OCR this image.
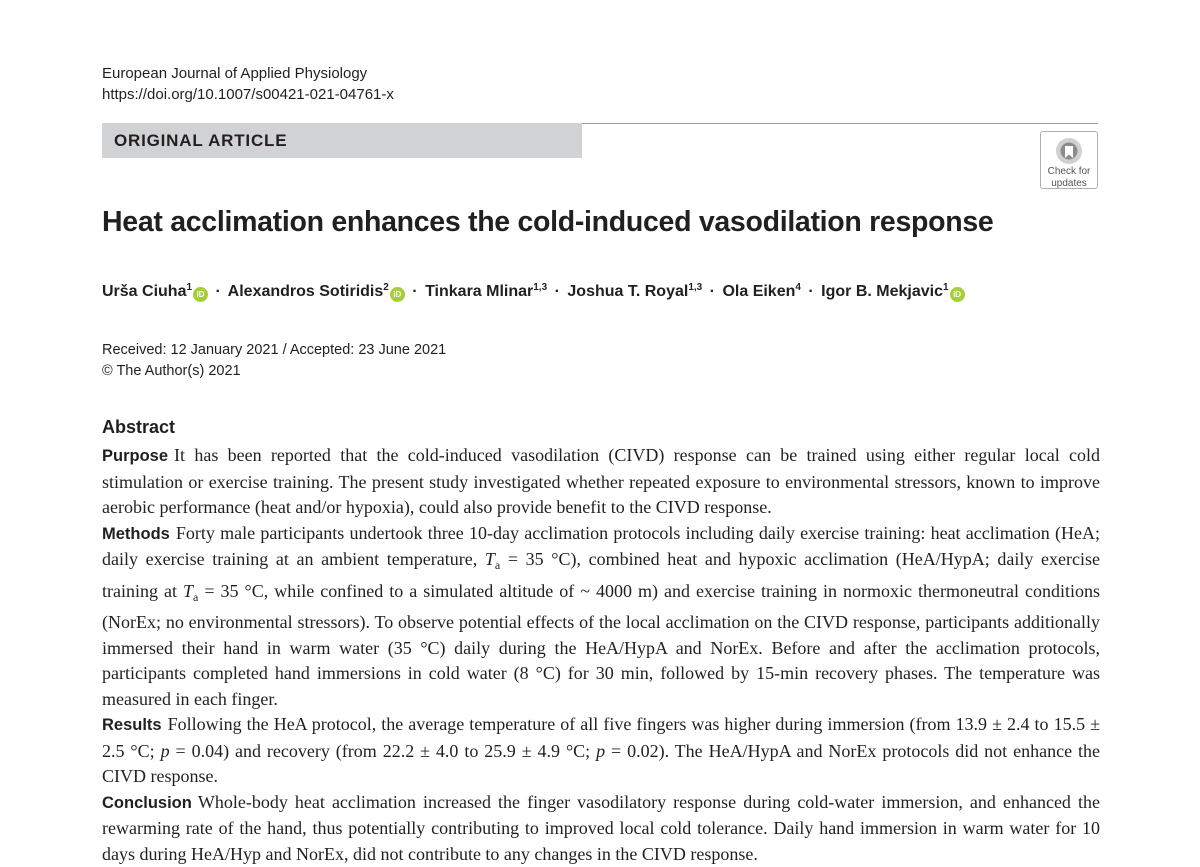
European Journal of Applied Physiology
https://doi.org/10.1007/s00421-021-04761-x
ORIGINAL ARTICLE
Check for
updates
Heat acclimation enhances the cold-induced vasodilation response
Urša Ciuha$^1$iD · Alexandros Sotiridis$^2$iD · Tinkara Mlinar$^{1,3}$ · Joshua T. Royal$^{1,3}$ · Ola Eiken$^4$ · Igor B. Mekjavic$^1$iD
Received: 12 January 2021 / Accepted: 23 June 2021
© The Author(s) 2021
Abstract

Purpose It has been reported that the cold-induced vasodilation (CIVD) response can be trained using either regular local cold stimulation or exercise training. The present study investigated whether repeated exposure to environmental stressors, known to improve aerobic performance (heat and/or hypoxia), could also provide benefit to the CIVD response.

Methods Forty male participants undertook three 10-day acclimation protocols including daily exercise training: heat acclimation (HeA; daily exercise training at an ambient temperature, $T_a = 35$ °C), combined heat and hypoxic acclimation (HeA/HypA; daily exercise training at $T_a = 35$ °C, while confined to a simulated altitude of ~ 4000 m) and exercise training in normoxic thermoneutral conditions (NorEx; no environmental stressors). To observe potential effects of the local acclimation on the CIVD response, participants additionally immersed their hand in warm water (35 °C) daily during the HeA/HypA and NorEx. Before and after the acclimation protocols, participants completed hand immersions in cold water (8 °C) for 30 min, followed by 15-min recovery phases. The temperature was measured in each finger.

Results Following the HeA protocol, the average temperature of all five fingers was higher during immersion (from 13.9 ± 2.4 to 15.5 ± 2.5 °C; p = 0.04) and recovery (from 22.2 ± 4.0 to 25.9 ± 4.9 °C; p = 0.02). The HeA/HypA and NorEx protocols did not enhance the CIVD response.

Conclusion Whole-body heat acclimation increased the finger vasodilatory response during cold-water immersion, and enhanced the rewarming rate of the hand, thus potentially contributing to improved local cold tolerance. Daily hand immersion in warm water for 10 days during HeA/Hyp and NorEx, did not contribute to any changes in the CIVD response.
